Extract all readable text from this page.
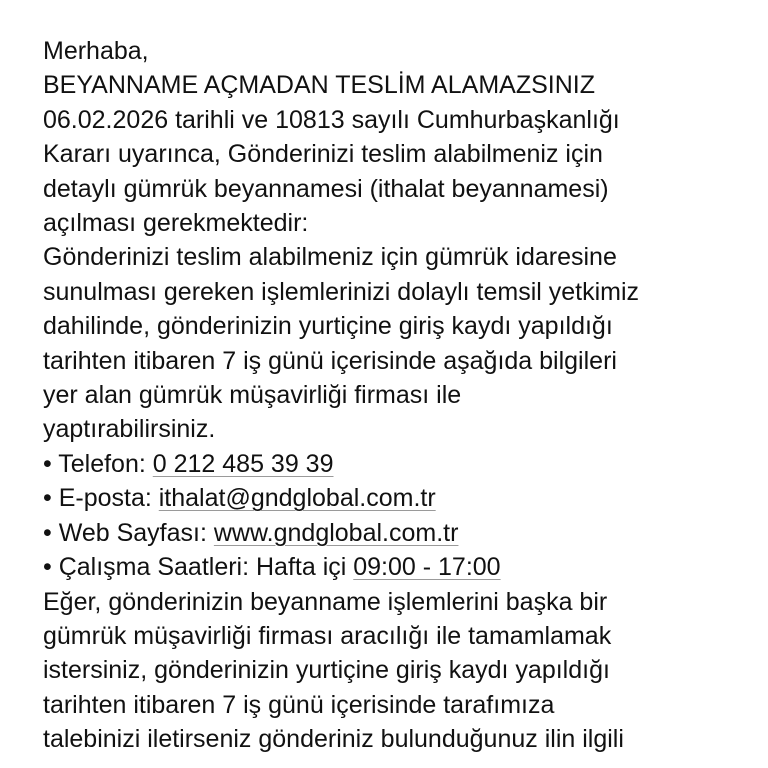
Merhaba,
BEYANNAME AÇMADAN TESLİM ALAMAZSINIZ
06.02.2026 tarihli ve 10813 sayılı Cumhurbaşkanlığı
Kararı uyarınca, Gönderinizi teslim alabilmeniz için
detaylı gümrük beyannamesi (ithalat beyannamesi)
açılması gerekmektedir:
Gönderinizi teslim alabilmeniz için gümrük idaresine
sunulması gereken işlemlerinizi dolaylı temsil yetkimiz
dahilinde, gönderinizin yurtiçine giriş kaydı yapıldığı
tarihten itibaren 7 iş günü içerisinde aşağıda bilgileri
yer alan gümrük müşavirliği firması ile
yaptırabilirsiniz.
• Telefon: 0 212 485 39 39
• E-posta: ithalat@gndglobal.com.tr
• Web Sayfası: www.gndglobal.com.tr
• Çalışma Saatleri: Hafta içi 09:00 - 17:00
Eğer, gönderinizin beyanname işlemlerini başka bir
gümrük müşavirliği firması aracılığı ile tamamlamak
istersiniz, gönderinizin yurtiçine giriş kaydı yapıldığı
tarihten itibaren 7 iş günü içerisinde tarafımıza
talebinizi iletirseniz gönderiniz bulunduğunuz ilin ilgili
